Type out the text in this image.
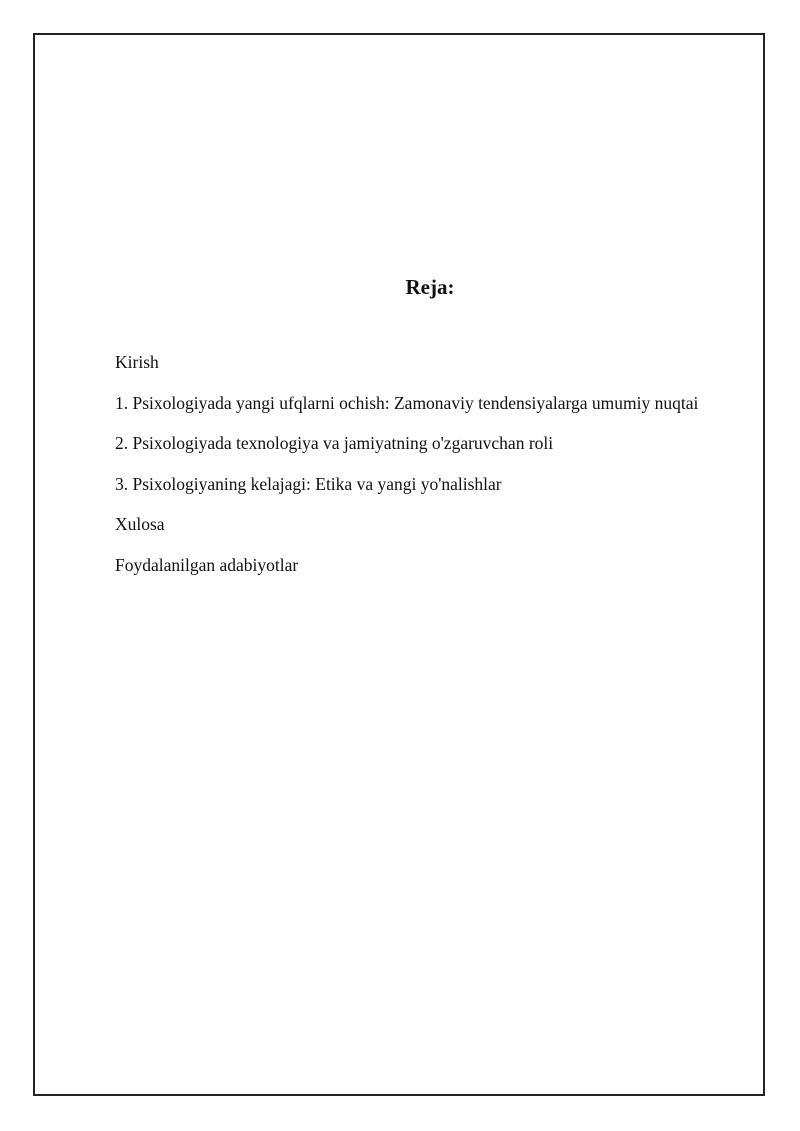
Reja:
Kirish
1. Psixologiyada yangi ufqlarni ochish: Zamonaviy tendensiyalarga umumiy nuqtai
2. Psixologiyada texnologiya va jamiyatning o'zgaruvchan roli
3. Psixologiyaning kelajagi: Etika va yangi yo'nalishlar
Xulosa
Foydalanilgan adabiyotlar
